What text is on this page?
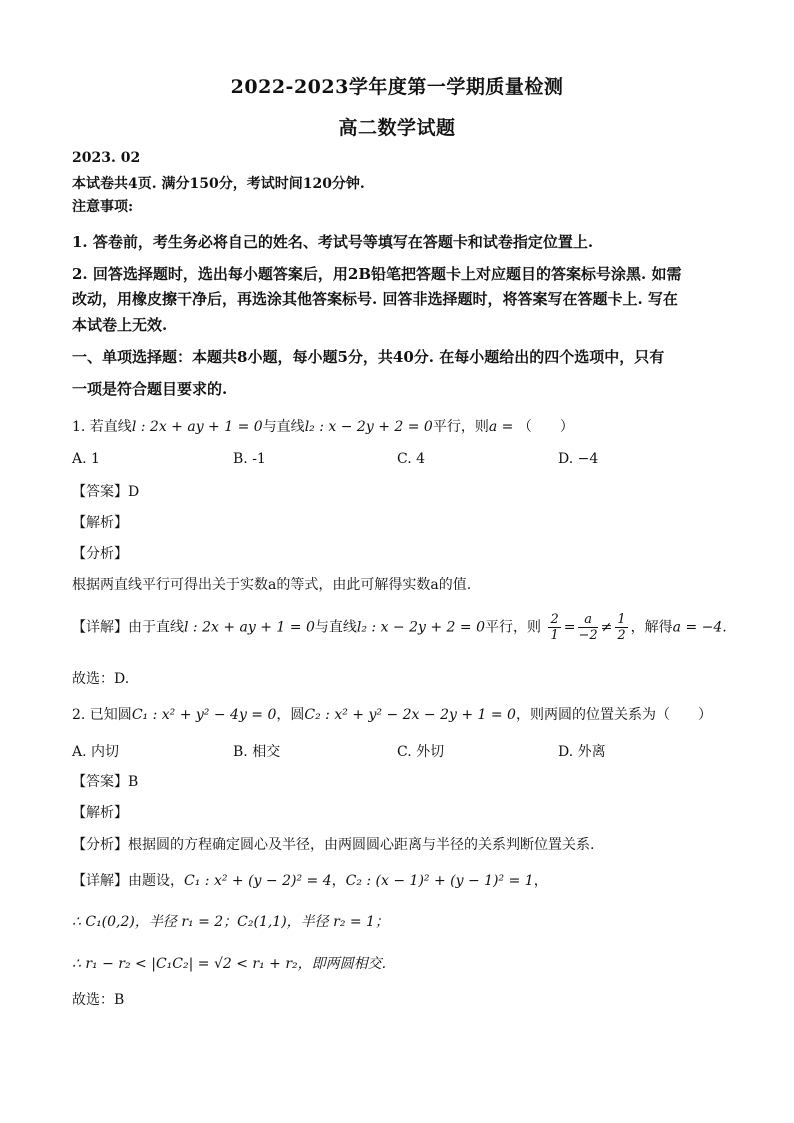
2022-2023学年度第一学期质量检测
高二数学试题
2023. 02
本试卷共4页. 满分150分，考试时间120分钟.
注意事项:
1. 答卷前，考生务必将自己的姓名、考试号等填写在答题卡和试卷指定位置上.
2. 回答选择题时，选出每小题答案后，用2B铅笔把答题卡上对应题目的答案标号涂黑. 如需
改动，用橡皮擦干净后，再选涂其他答案标号. 回答非选择题时，将答案写在答题卡上. 写在
本试卷上无效.
一、单项选择题：本题共8小题，每小题5分，共40分. 在每小题给出的四个选项中，只有
一项是符合题目要求的.
1. 若直线l : 2x + ay + 1 = 0与直线l₂ : x − 2y + 2 = 0平行，则a = （　　）
A. 1	B. -1	C. 4	D. −4
【答案】D
【解析】
【分析】
根据两直线平行可得出关于实数a的等式，由此可解得实数a的值.
【详解】由于直线l : 2x + ay + 1 = 0与直线l₂ : x − 2y + 2 = 0平行，则 $\frac{2}{1} = \frac{a}{-2} \ne \frac{1}{2}$ ，解得a = −4.
故选：D.
2. 已知圆C₁ : x² + y² − 4y = 0，圆C₂ : x² + y² − 2x − 2y + 1 = 0，则两圆的位置关系为（　　）
A. 内切	B. 相交	C. 外切	D. 外离
【答案】B
【解析】
【分析】根据圆的方程确定圆心及半径，由两圆圆心距离与半径的关系判断位置关系.
【详解】由题设，C₁ : x² + (y − 2)² = 4，C₂ : (x − 1)² + (y − 1)² = 1，
∴ C₁(0,2)，半径 r₁ = 2；C₂(1,1)，半径 r₂ = 1；
∴ r₁ − r₂ < |C₁C₂| = √2 < r₁ + r₂，即两圆相交.
故选：B
